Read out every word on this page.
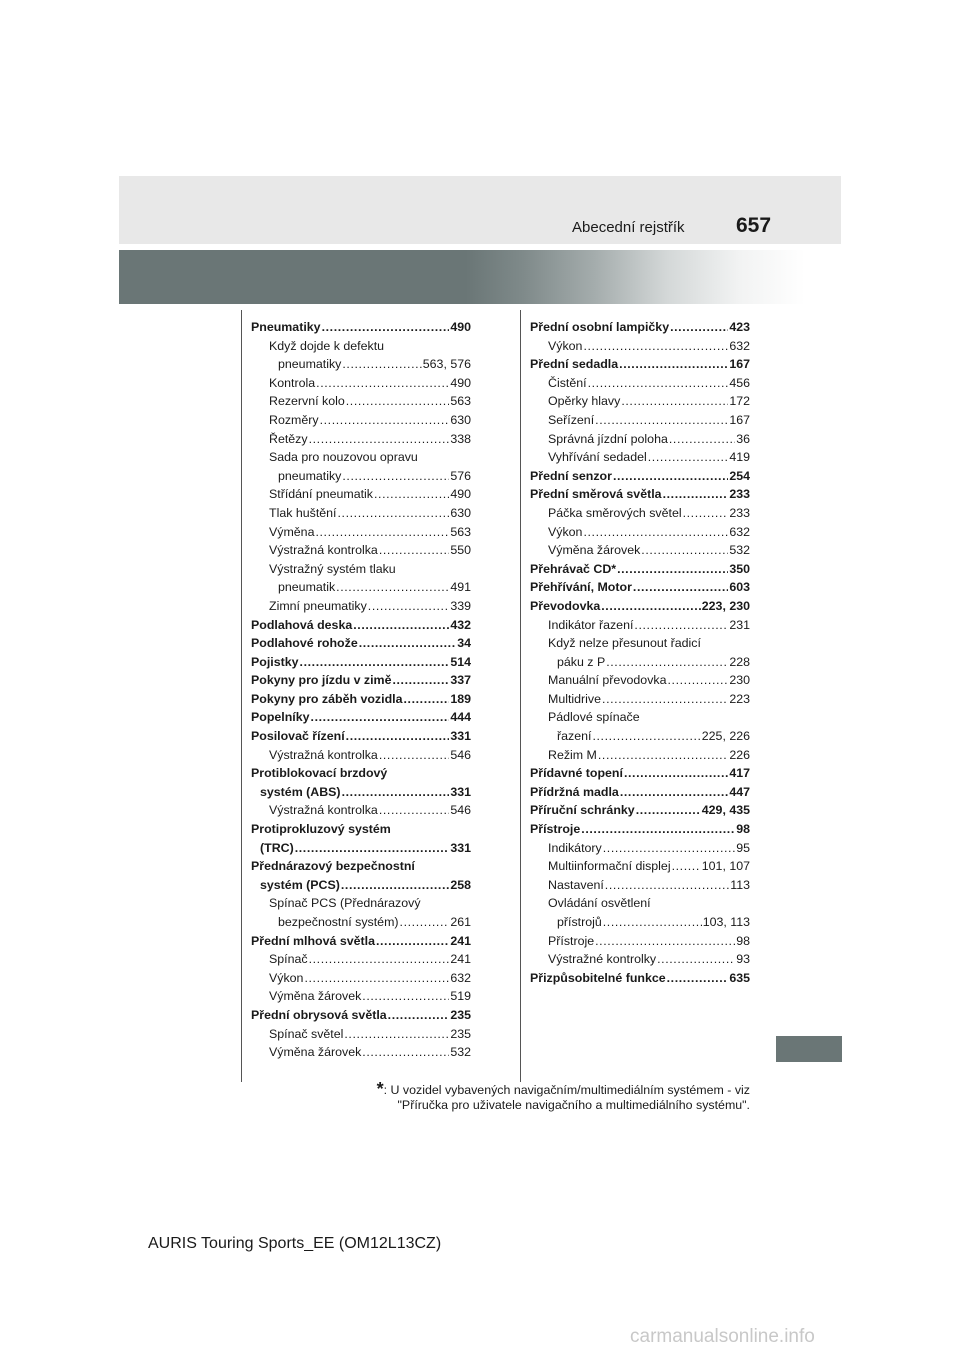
Abecední rejstřík 657
Pneumatiky .....	490
Když dojde k defektu
pneumatiky .....	563, 576
Kontrola .....	490
Rezervní kolo .....	563
Rozměry .....	630
Řetězy .....	338
Sada pro nouzovou opravu
pneumatiky .....	576
Střídání pneumatik .....	490
Tlak huštění .....	630
Výměna .....	563
Výstražná kontrolka .....	550
Výstražný systém tlaku
pneumatik .....	491
Zimní pneumatiky .....	339
Podlahová deska .....	432
Podlahové rohože .....	34
Pojistky .....	514
Pokyny pro jízdu v zimě .....	337
Pokyny pro záběh vozidla .....	189
Popelníky .....	444
Posilovač řízení .....	331
Výstražná kontrolka .....	546
Protiblokovací brzdový
systém (ABS) .....	331
Výstražná kontrolka .....	546
Protiprokluzový systém
(TRC) .....	331
Přednárazový bezpečnostní
systém (PCS) .....	258
Spínač PCS (Přednárazový
bezpečnostní systém) .....	261
Přední mlhová světla .....	241
Spínač .....	241
Výkon .....	632
Výměna žárovek .....	519
Přední obrysová světla .....	235
Spínač světel .....	235
Výměna žárovek .....	532
Přední osobní lampičky .....	423
Výkon .....	632
Přední sedadla .....	167
Čistění .....	456
Opěrky hlavy .....	172
Seřízení .....	167
Správná jízdní poloha .....	36
Vyhřívání sedadel .....	419
Přední senzor .....	254
Přední směrová světla .....	233
Páčka směrových světel .....	233
Výkon .....	632
Výměna žárovek .....	532
Přehrávač CD* .....	350
Přehřívání, Motor .....	603
Převodovka .....	223, 230
Indikátor řazení .....	231
Když nelze přesunout řadicí
páku z P .....	228
Manuální převodovka .....	230
Multidrive .....	223
Pádlové spínače
řazení .....	225, 226
Režim M .....	226
Přídavné topení .....	417
Přídržná madla .....	447
Příruční schránky .....	429, 435
Přístroje .....	98
Indikátory .....	95
Multiinformační displej .....	101, 107
Nastavení .....	113
Ovládání osvětlení
přístrojů .....	103, 113
Přístroje .....	98
Výstražné kontrolky .....	93
Přizpůsobitelné funkce .....	635
*: U vozidel vybavených navigačním/multimediálním systémem - viz
"Příručka pro uživatele navigačního a multimediálního systému".
AURIS Touring Sports_EE (OM12L13CZ)
carmanualsonline.info
